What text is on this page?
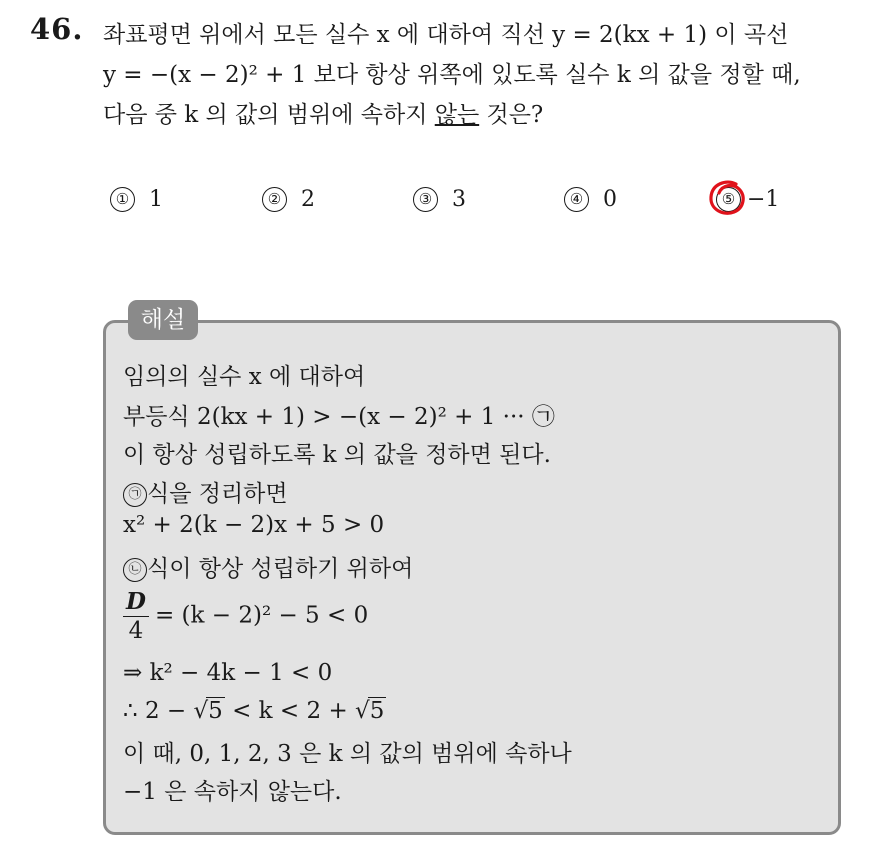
46. 좌표평면 위에서 모든 실수 x 에 대하여 직선 y = 2(kx + 1) 이 곡선
y = −(x − 2)² + 1 보다 항상 위쪽에 있도록 실수 k 의 값을 정할 때,
다음 중 k 의 값의 범위에 속하지 않는 것은?
① 1	② 2	③ 3	④ 0	⑤ −1
해설
임의의 실수 x 에 대하여
부등식 2(kx + 1) > −(x − 2)² + 1 ··· ㉠
이 항상 성립하도록 k 의 값을 정하면 된다.
㉠ 식을 정리하면
x² + 2(k − 2)x + 5 > 0
㉡ 식이 항상 성립하기 위하여
$\frac{D}{4} = (k - 2)^2 - 5 < 0$
⇒ k² − 4k − 1 < 0
∴ 2 − √5 < k < 2 + √5
이 때, 0, 1, 2, 3 은 k 의 값의 범위에 속하나
−1 은 속하지 않는다.
